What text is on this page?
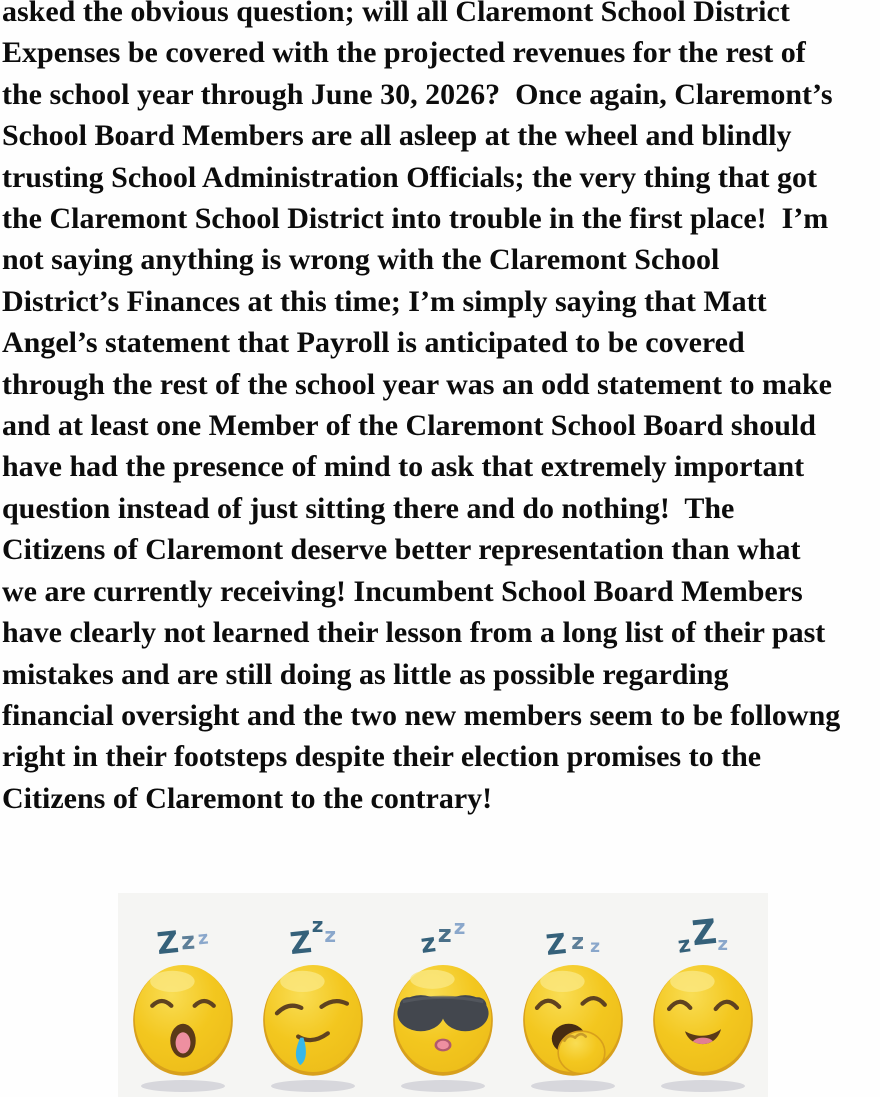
asked the obvious question; will all Claremont School District
Expenses be covered with the projected revenues for the rest of
the school year through June 30, 2026?  Once again, Claremont’s
School Board Members are all asleep at the wheel and blindly
trusting School Administration Officials; the very thing that got
the Claremont School District into trouble in the first place!  I’m
not saying anything is wrong with the Claremont School
District’s Finances at this time; I’m simply saying that Matt
Angel’s statement that Payroll is anticipated to be covered
through the rest of the school year was an odd statement to make
and at least one Member of the Claremont School Board should
have had the presence of mind to ask that extremely important
question instead of just sitting there and do nothing!  The
Citizens of Claremont deserve better representation than what
we are currently receiving! Incumbent School Board Members
have clearly not learned their lesson from a long list of their past
mistakes and are still doing as little as possible regarding
financial oversight and the two new members seem to be followng
right in their footsteps despite their election promises to the
Citizens of Claremont to the contrary!
Z z z	Z
z z	z z z
Z z z	z
Z
z
